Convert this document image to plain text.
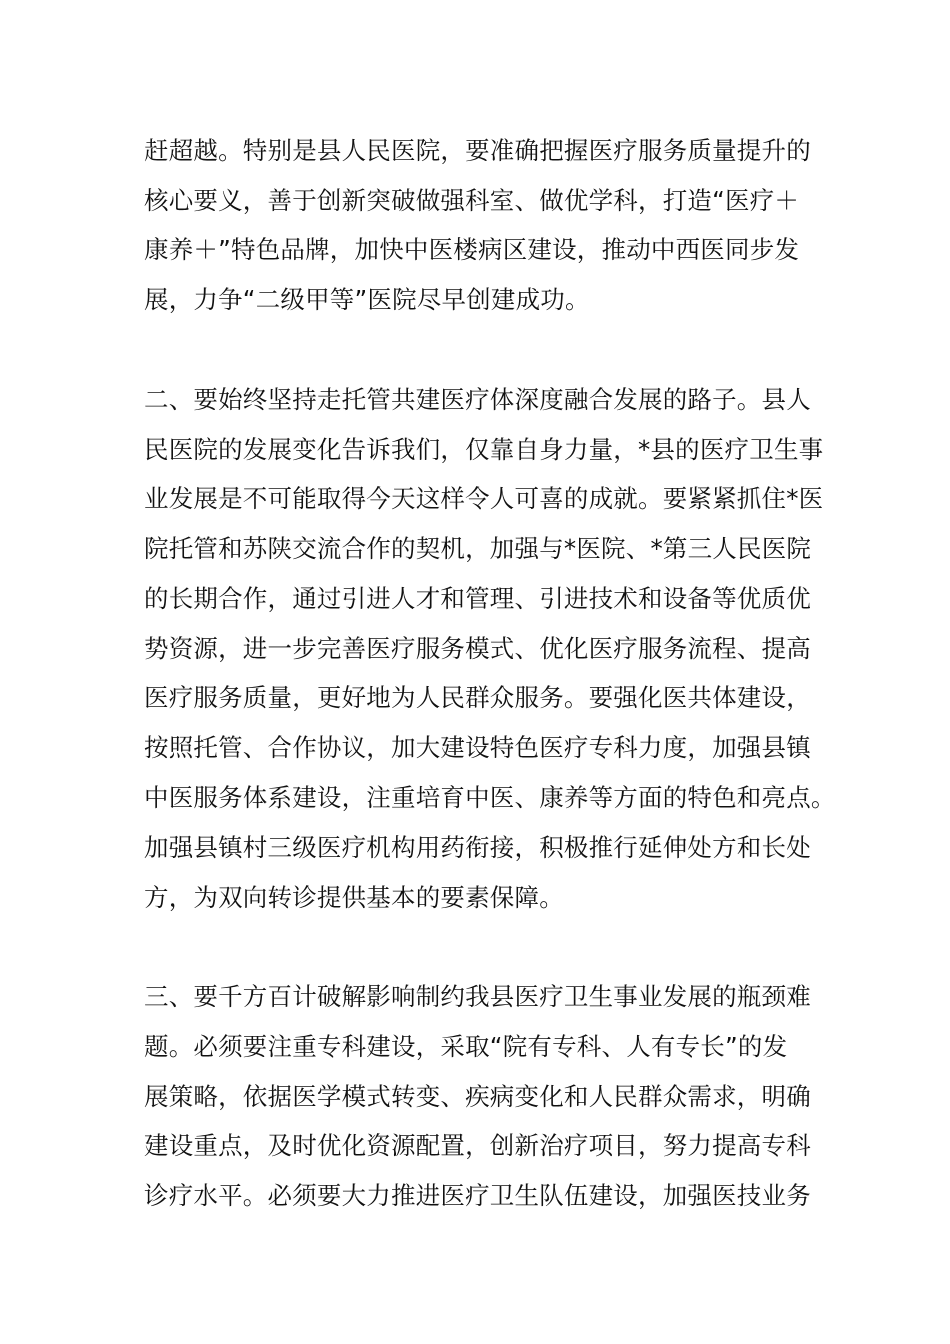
赶超越。特别是县人民医院，要准确把握医疗服务质量提升的
核心要义，善于创新突破做强科室、做优学科，打造“医疗＋
康养＋”特色品牌，加快中医楼病区建设，推动中西医同步发
展，力争“二级甲等”医院尽早创建成功。
二、要始终坚持走托管共建医疗体深度融合发展的路子。县人
民医院的发展变化告诉我们，仅靠自身力量，*县的医疗卫生事
业发展是不可能取得今天这样令人可喜的成就。要紧紧抓住*医
院托管和苏陕交流合作的契机，加强与*医院、*第三人民医院
的长期合作，通过引进人才和管理、引进技术和设备等优质优
势资源，进一步完善医疗服务模式、优化医疗服务流程、提高
医疗服务质量，更好地为人民群众服务。要强化医共体建设，
按照托管、合作协议，加大建设特色医疗专科力度，加强县镇
中医服务体系建设，注重培育中医、康养等方面的特色和亮点。
加强县镇村三级医疗机构用药衔接，积极推行延伸处方和长处
方，为双向转诊提供基本的要素保障。
三、要千方百计破解影响制约我县医疗卫生事业发展的瓶颈难
题。必须要注重专科建设，采取“院有专科、人有专长”的发
展策略，依据医学模式转变、疾病变化和人民群众需求，明确
建设重点，及时优化资源配置，创新治疗项目，努力提高专科
诊疗水平。必须要大力推进医疗卫生队伍建设，加强医技业务
